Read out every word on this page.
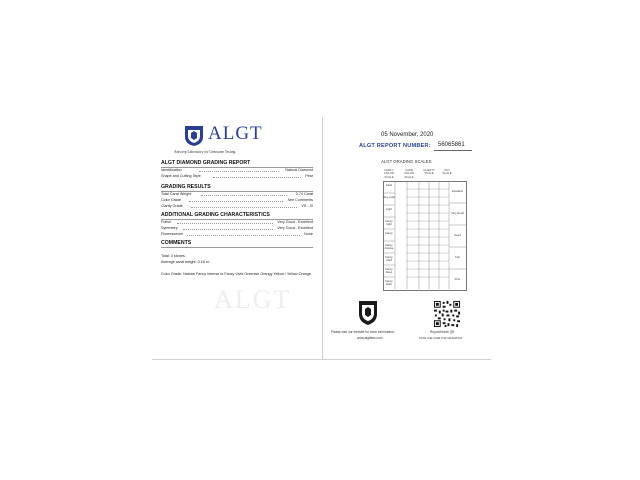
ALGT
Antwerp Laboratory for Gemstone Testing
ALGT
ALGT DIAMOND GRADING REPORT
Identification	Natural Diamond
Shape and Cutting Style	Pear
GRADING RESULTS
Total Carat Weight	0.74 Carat
Color Grade	See Comments
Clarity Grade	VS - SI
ADDITIONAL GRADING CHARACTERISTICS
Polish	Very Good - Excellent
Symmetry	Very Good - Excellent
Fluorescence	None
COMMENTS
Total: 4 stones.
Average carat weight: 0.18 ct.
Color Grade: Natural Fancy Intense to Fancy Vivid Greenish Orangy Yellow / Yellow-Orange.
05 November, 2020
ALGT REPORT NUMBER: 56065861
ALGT GRADING SCALES
FANCY COLOR SCALE
CAPE COLOR SCALE
CLARITY SCALE
CUT SCALE
Faint
Very Light
Light
Fancy Light
Fancy
Fancy Intense
Fancy Vivid
Fancy Deep
Fancy Dark
Excellent
Very Good
Good
Fair
Poor
Please visit our website for more information:
www.algtlabs.com
Report/check QR
SCAN THE CODE FOR VALIDATION
